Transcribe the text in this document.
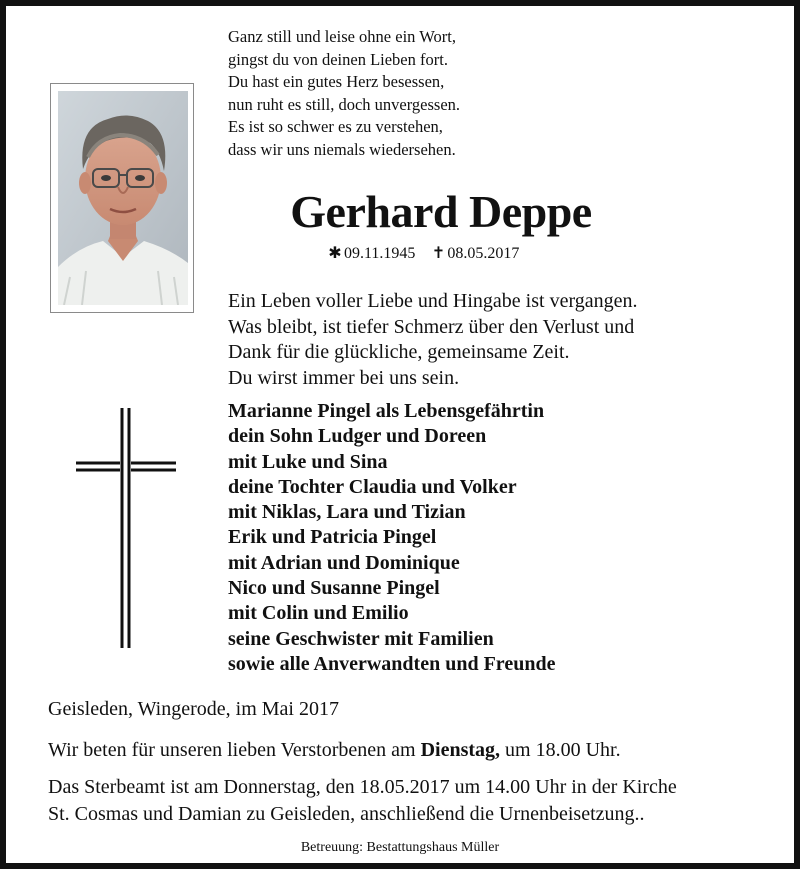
Ganz still und leise ohne ein Wort,
gingst du von deinen Lieben fort.
Du hast ein gutes Herz besessen,
nun ruht es still, doch unvergessen.
Es ist so schwer es zu verstehen,
dass wir uns niemals wiedersehen.
Gerhard Deppe
✱ 09.11.1945 ✝ 08.05.2017
Ein Leben voller Liebe und Hingabe ist vergangen.
Was bleibt, ist tiefer Schmerz über den Verlust und
Dank für die glückliche, gemeinsame Zeit.
Du wirst immer bei uns sein.
Marianne Pingel als Lebensgefährtin
dein Sohn Ludger und Doreen
mit Luke und Sina
deine Tochter Claudia und Volker
mit Niklas, Lara und Tizian
Erik und Patricia Pingel
mit Adrian und Dominique
Nico und Susanne Pingel
mit Colin und Emilio
seine Geschwister mit Familien
sowie alle Anverwandten und Freunde
Geisleden, Wingerode, im Mai 2017
Wir beten für unseren lieben Verstorbenen am Dienstag, um 18.00 Uhr.
Das Sterbeamt ist am Donnerstag, den 18.05.2017 um 14.00 Uhr in der Kirche
St. Cosmas und Damian zu Geisleden, anschließend die Urnenbeisetzung..
Betreuung: Bestattungshaus Müller
